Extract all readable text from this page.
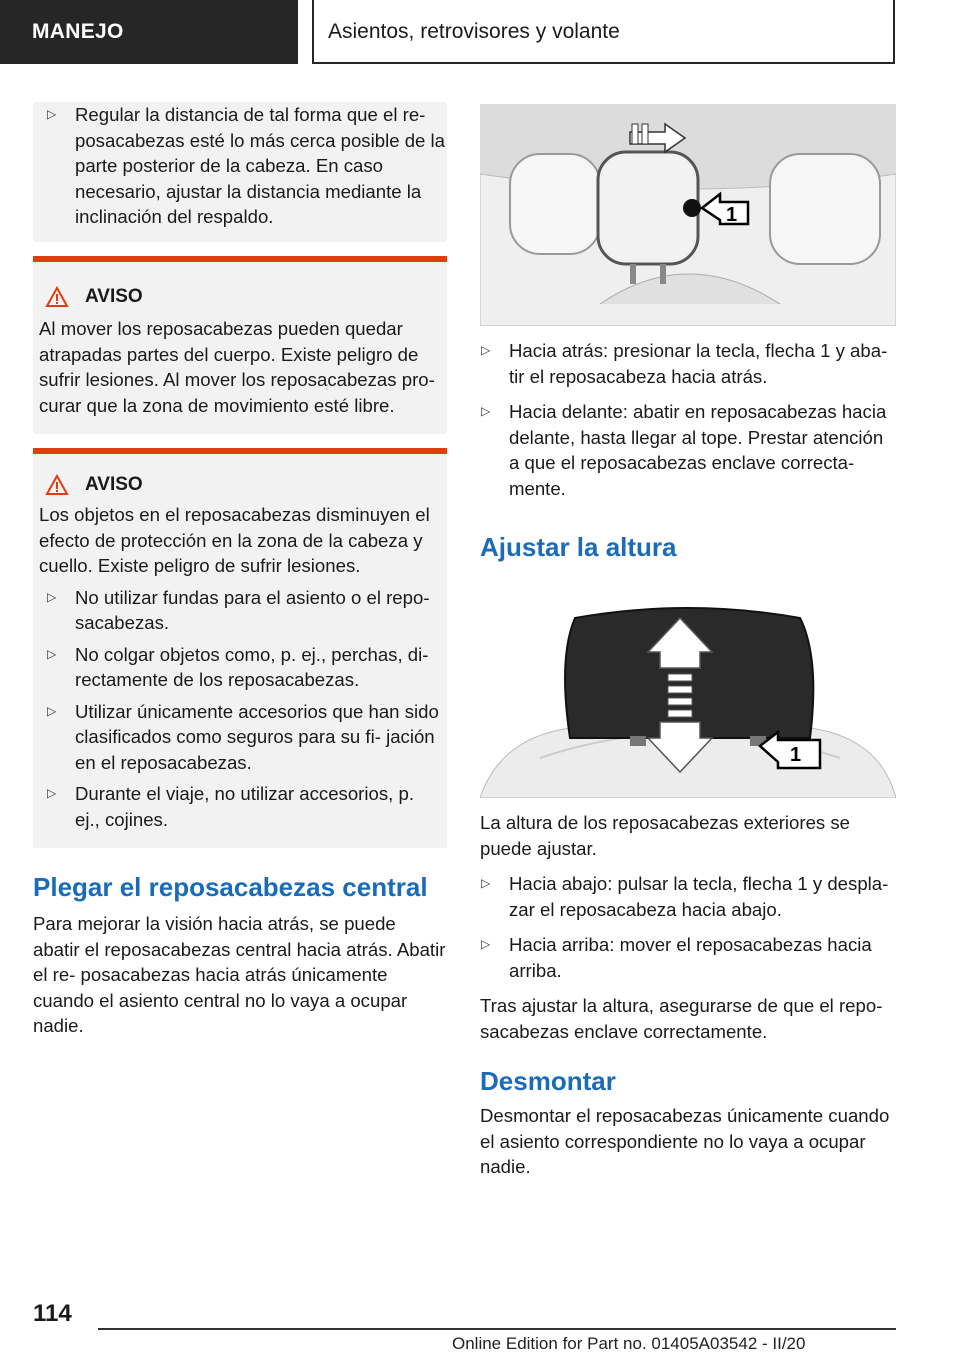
MANEJO	Asientos, retrovisores y volante
▷ Regular la distancia de tal forma que el re‐ posacabezas esté lo más cerca posible de la parte posterior de la cabeza. En caso necesario, ajustar la distancia mediante la inclinación del respaldo.
AVISO
Al mover los reposacabezas pueden quedar atrapadas partes del cuerpo. Existe peligro de sufrir lesiones. Al mover los reposacabezas pro‐ curar que la zona de movimiento esté libre.
AVISO
Los objetos en el reposacabezas disminuyen el efecto de protección en la zona de la cabeza y cuello. Existe peligro de sufrir lesiones.
▷ No utilizar fundas para el asiento o el repo‐ sacabezas.
▷ No colgar objetos como, p. ej., perchas, di‐ rectamente de los reposacabezas.
▷ Utilizar únicamente accesorios que han sido clasificados como seguros para su fi‐ jación en el reposacabezas.
▷ Durante el viaje, no utilizar accesorios, p. ej., cojines.
Plegar el reposacabezas central
Para mejorar la visión hacia atrás, se puede abatir el reposacabezas central hacia atrás. Abatir el re‐ posacabezas hacia atrás únicamente cuando el asiento central no lo vaya a ocupar nadie.
1
▷ Hacia atrás: presionar la tecla, flecha 1 y aba‐ tir el reposacabeza hacia atrás.
▷ Hacia delante: abatir en reposacabezas hacia delante, hasta llegar al tope. Prestar atención a que el reposacabezas enclave correcta‐ mente.
Ajustar la altura
1
La altura de los reposacabezas exteriores se puede ajustar.
▷ Hacia abajo: pulsar la tecla, flecha 1 y despla‐ zar el reposacabeza hacia abajo.
▷ Hacia arriba: mover el reposacabezas hacia arriba.
Tras ajustar la altura, asegurarse de que el repo‐ sacabezas enclave correctamente.
Desmontar
Desmontar el reposacabezas únicamente cuando el asiento correspondiente no lo vaya a ocupar nadie.
114
Online Edition for Part no. 01405A03542 - II/20
